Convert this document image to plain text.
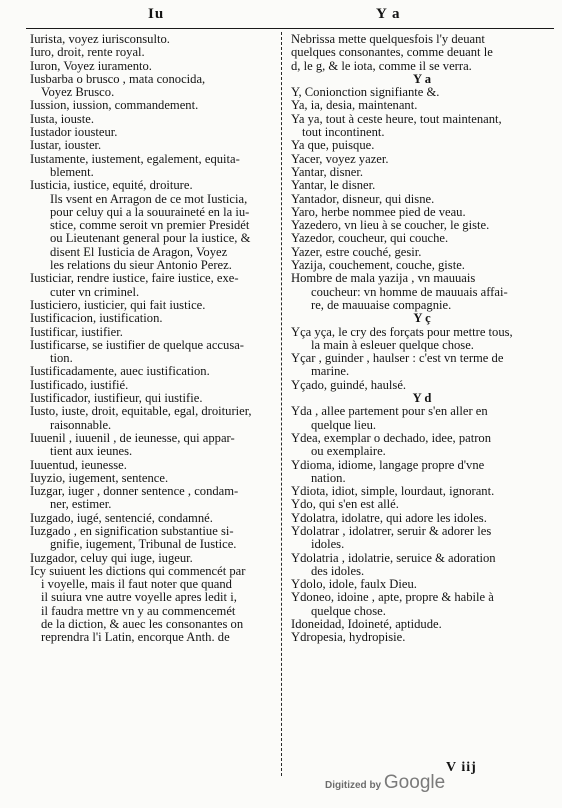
Iu	Y a
Iurista, voyez iurisconsulto.
Iuro, droit, rente royal.
Iuron, Voyez iuramento.
Iusbarba o brusco , mata conocida,
Voyez Brusco.
Iussion, iussion, commandement.
Iusta, iouste.
Iustador iousteur.
Iustar, iouster.
Iustamente, iustement, egalement, equita-
blement.
Iusticia, iustice, equité, droiture.
Ils vsent en Arragon de ce mot Iusticia,
pour celuy qui a la souuraineté en la iu-
stice, comme seroit vn premier Presidét
ou Lieutenant general pour la iustice, &
disent El Iusticia de Aragon, Voyez
les relations du sieur Antonio Perez.
Iusticiar, rendre iustice, faire iustice, exe-
cuter vn criminel.
Iusticiero, iusticier, qui fait iustice.
Iustificacion, iustification.
Iustificar, iustifier.
Iustificarse, se iustifier de quelque accusa-
tion.
Iustificadamente, auec iustification.
Iustificado, iustifié.
Iustificador, iustifieur, qui iustifie.
Iusto, iuste, droit, equitable, egal, droiturier,
raisonnable.
Iuuenil , iuuenil , de ieunesse, qui appar-
tient aux ieunes.
Iuuentud, ieunesse.
Iuyzio, iugement, sentence.
Iuzgar, iuger , donner sentence , condam-
ner, estimer.
Iuzgado, iugé, sentencié, condamné.
Iuzgado , en signification substantiue si-
gnifie, iugement, Tribunal de Iustice.
Iuzgador, celuy qui iuge, iugeur.
Icy suiuent les dictions qui commencét par
i voyelle, mais il faut noter que quand
il suiura vne autre voyelle apres ledit i,
il faudra mettre vn y au commencemét
de la diction, & auec les consonantes on
reprendra l'i Latin, encorque Anth. de
Nebrissa mette quelquesfois l'y deuant
quelques consonantes, comme deuant le
d, le g, & le iota, comme il se verra.
Y a
Y, Conionction signifiante &.
Ya, ia, desia, maintenant.
Ya ya, tout à ceste heure, tout maintenant,
tout incontinent.
Ya que, puisque.
Yacer, voyez yazer.
Yantar, disner.
Yantar, le disner.
Yantador, disneur, qui disne.
Yaro, herbe nommee pied de veau.
Yazedero, vn lieu à se coucher, le giste.
Yazedor, coucheur, qui couche.
Yazer, estre couché, gesir.
Yazija, couchement, couche, giste.
Hombre de mala yazija , vn mauuais
coucheur: vn homme de mauuais affai-
re, de mauuaise compagnie.
Y ç
Yça yça, le cry des forçats pour mettre tous,
la main à esleuer quelque chose.
Yçar , guinder , haulser : c'est vn terme de
marine.
Yçado, guindé, haulsé.
Y d
Yda , allee partement pour s'en aller en
quelque lieu.
Ydea, exemplar o dechado, idee, patron
ou exemplaire.
Ydioma, idiome, langage propre d'vne
nation.
Ydiota, idiot, simple, lourdaut, ignorant.
Ydo, qui s'en est allé.
Ydolatra, idolatre, qui adore les idoles.
Ydolatrar , idolatrer, seruir & adorer les
idoles.
Ydolatria , idolatrie, seruice & adoration
des idoles.
Ydolo, idole, faulx Dieu.
Ydoneo, idoine , apte, propre & habile à
quelque chose.
Idoneidad, Idoineté, aptidude.
Ydropesia, hydropisie.
Digitized by Google
V iij
